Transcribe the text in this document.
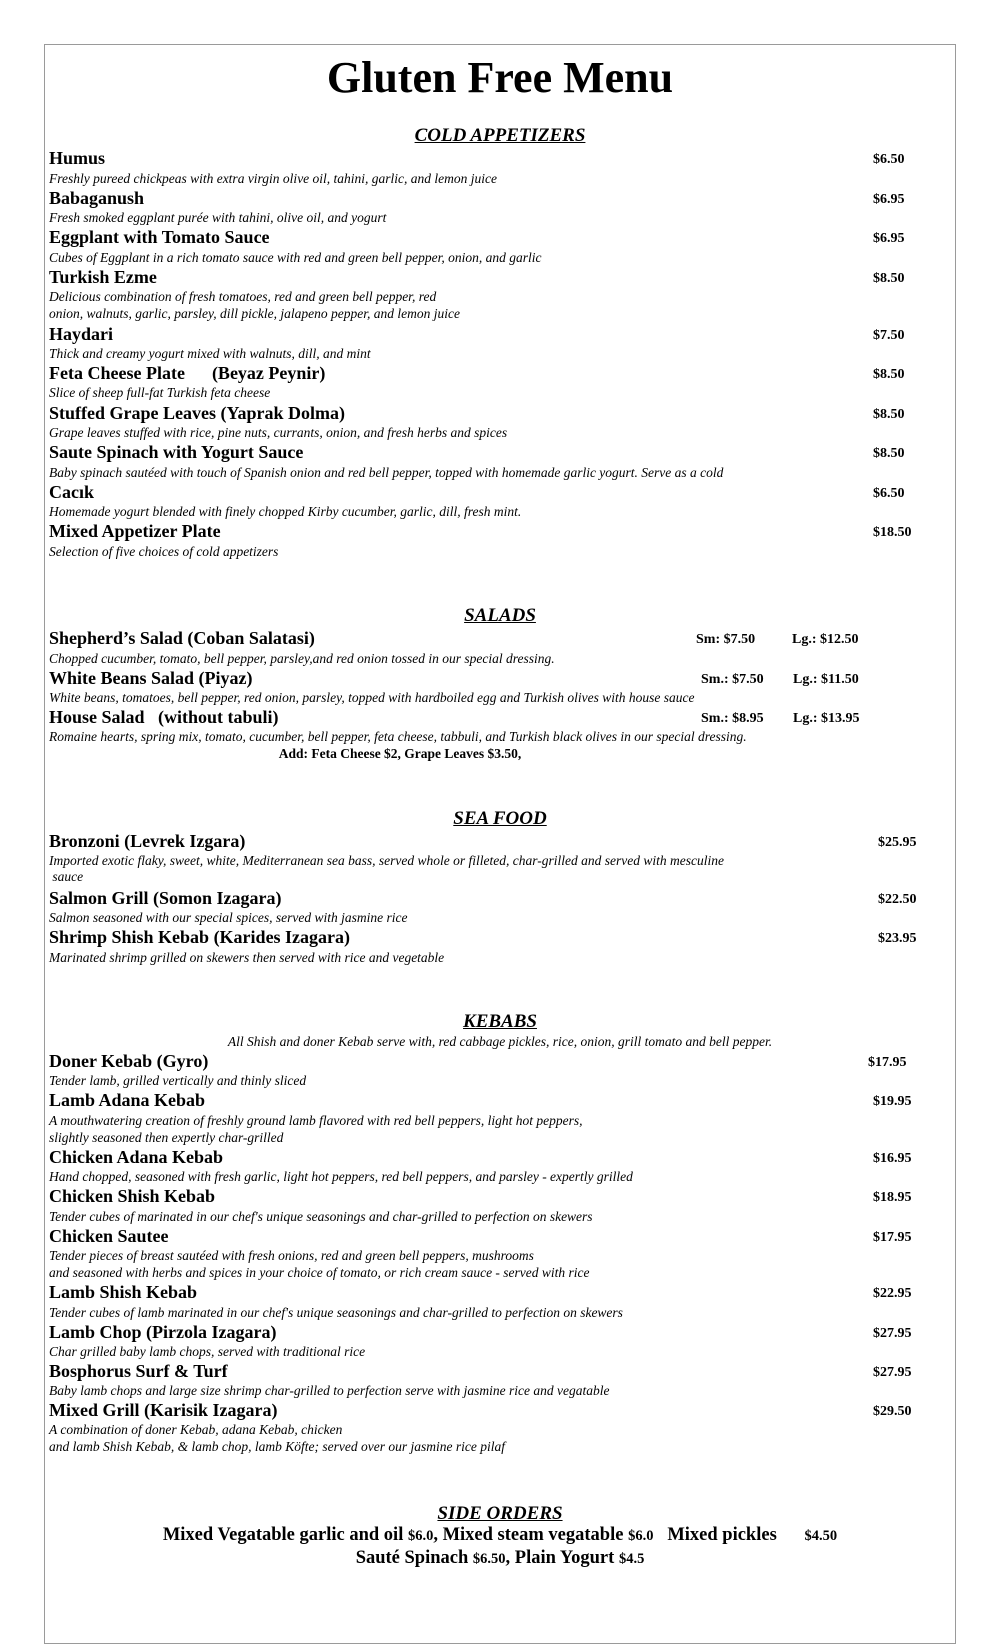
Gluten Free Menu
COLD APPETIZERS
Humus	$6.50
Freshly pureed chickpeas with extra virgin olive oil, tahini, garlic, and lemon juice
Babaganush	$6.95
Fresh smoked eggplant purée with tahini, olive oil, and yogurt
Eggplant with Tomato Sauce	$6.95
Cubes of Eggplant in a rich tomato sauce with red and green bell pepper, onion, and garlic
Turkish Ezme	$8.50
Delicious combination of fresh tomatoes, red and green bell pepper, red
onion, walnuts, garlic, parsley, dill pickle, jalapeno pepper, and lemon juice
Haydari	$7.50
Thick and creamy yogurt mixed with walnuts, dill, and mint
Feta Cheese Plate      (Beyaz Peynir)	$8.50
Slice of sheep full-fat Turkish feta cheese
Stuffed Grape Leaves (Yaprak Dolma)	$8.50
Grape leaves stuffed with rice, pine nuts, currants, onion, and fresh herbs and spices
Saute Spinach with Yogurt Sauce	$8.50
Baby spinach sautéed with touch of Spanish onion and red bell pepper, topped with homemade garlic yogurt. Serve as a cold
Cacık	$6.50
Homemade yogurt blended with finely chopped Kirby cucumber, garlic, dill, fresh mint.
Mixed Appetizer Plate	$18.50
Selection of five choices of cold appetizers
SALADS
Shepherd’s Salad (Coban Salatasi)	Sm: $7.50	Lg.: $12.50
Chopped cucumber, tomato, bell pepper, parsley,and red onion tossed in our special dressing.
White Beans Salad (Piyaz)	Sm.: $7.50 Lg.: $11.50
White beans, tomatoes, bell pepper, red onion, parsley, topped with hardboiled egg and Turkish olives with house sauce
House Salad   (without tabuli)	Sm.: $8.95 Lg.: $13.95
Romaine hearts, spring mix, tomato, cucumber, bell pepper, feta cheese, tabbuli, and Turkish black olives in our special dressing.
Add: Feta Cheese $2, Grape Leaves $3.50,
SEA FOOD
Bronzoni (Levrek Izgara)	$25.95
Imported exotic flaky, sweet, white, Mediterranean sea bass, served whole or filleted, char-grilled and served with mesculine
sauce
Salmon Grill (Somon Izagara)	$22.50
Salmon seasoned with our special spices, served with jasmine rice
Shrimp Shish Kebab (Karides Izagara)	$23.95
Marinated shrimp grilled on skewers then served with rice and vegetable
KEBABS
All Shish and doner Kebab serve with, red cabbage pickles, rice, onion, grill tomato and bell pepper.
Doner Kebab (Gyro)	$17.95
Tender lamb, grilled vertically and thinly sliced
Lamb Adana Kebab	$19.95
A mouthwatering creation of freshly ground lamb flavored with red bell peppers, light hot peppers,
slightly seasoned then expertly char-grilled
Chicken Adana Kebab	$16.95
Hand chopped, seasoned with fresh garlic, light hot peppers, red bell peppers, and parsley - expertly grilled
Chicken Shish Kebab	$18.95
Tender cubes of marinated in our chef's unique seasonings and char-grilled to perfection on skewers
Chicken Sautee	$17.95
Tender pieces of breast sautéed with fresh onions, red and green bell peppers, mushrooms
and seasoned with herbs and spices in your choice of tomato, or rich cream sauce - served with rice
Lamb Shish Kebab	$22.95
Tender cubes of lamb marinated in our chef's unique seasonings and char-grilled to perfection on skewers
Lamb Chop (Pirzola Izagara)	$27.95
Char grilled baby lamb chops, served with traditional rice
Bosphorus Surf & Turf	$27.95
Baby lamb chops and large size shrimp char-grilled to perfection serve with jasmine rice and vegatable
Mixed Grill (Karisik Izagara)	$29.50
A combination of doner Kebab, adana Kebab, chicken
and lamb Shish Kebab, & lamb chop, lamb Köfte; served over our jasmine rice pilaf
SIDE ORDERS
Mixed Vegatable garlic and oil $6.0, Mixed steam vegatable $6.0   Mixed pickles      $4.50
Sauté Spinach $6.50, Plain Yogurt $4.5
